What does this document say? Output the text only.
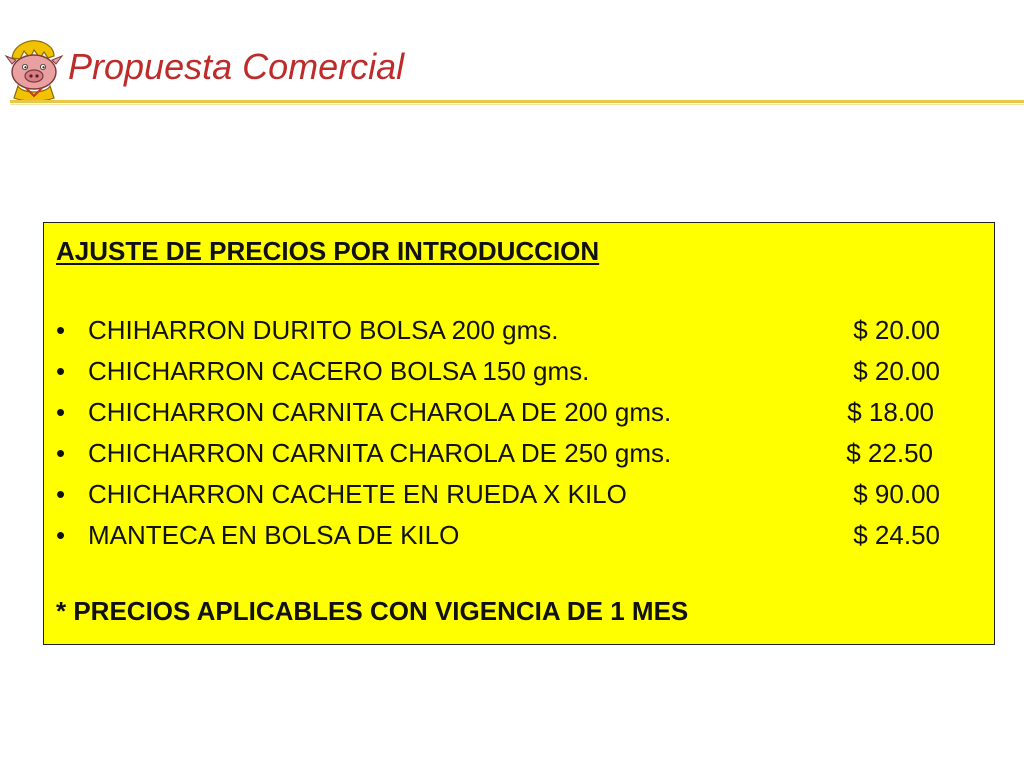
Propuesta Comercial
AJUSTE DE PRECIOS POR INTRODUCCION
• CHIHARRON DURITO BOLSA 200 gms.	$ 20.00
• CHICHARRON CACERO BOLSA 150 gms.	$ 20.00
• CHICHARRON CARNITA CHAROLA DE 200 gms.	$ 18.00
• CHICHARRON CARNITA CHAROLA DE 250 gms.	$ 22.50
• CHICHARRON CACHETE EN RUEDA X KILO	$ 90.00
• MANTECA EN BOLSA DE KILO	$ 24.50
* PRECIOS APLICABLES CON VIGENCIA DE 1 MES
